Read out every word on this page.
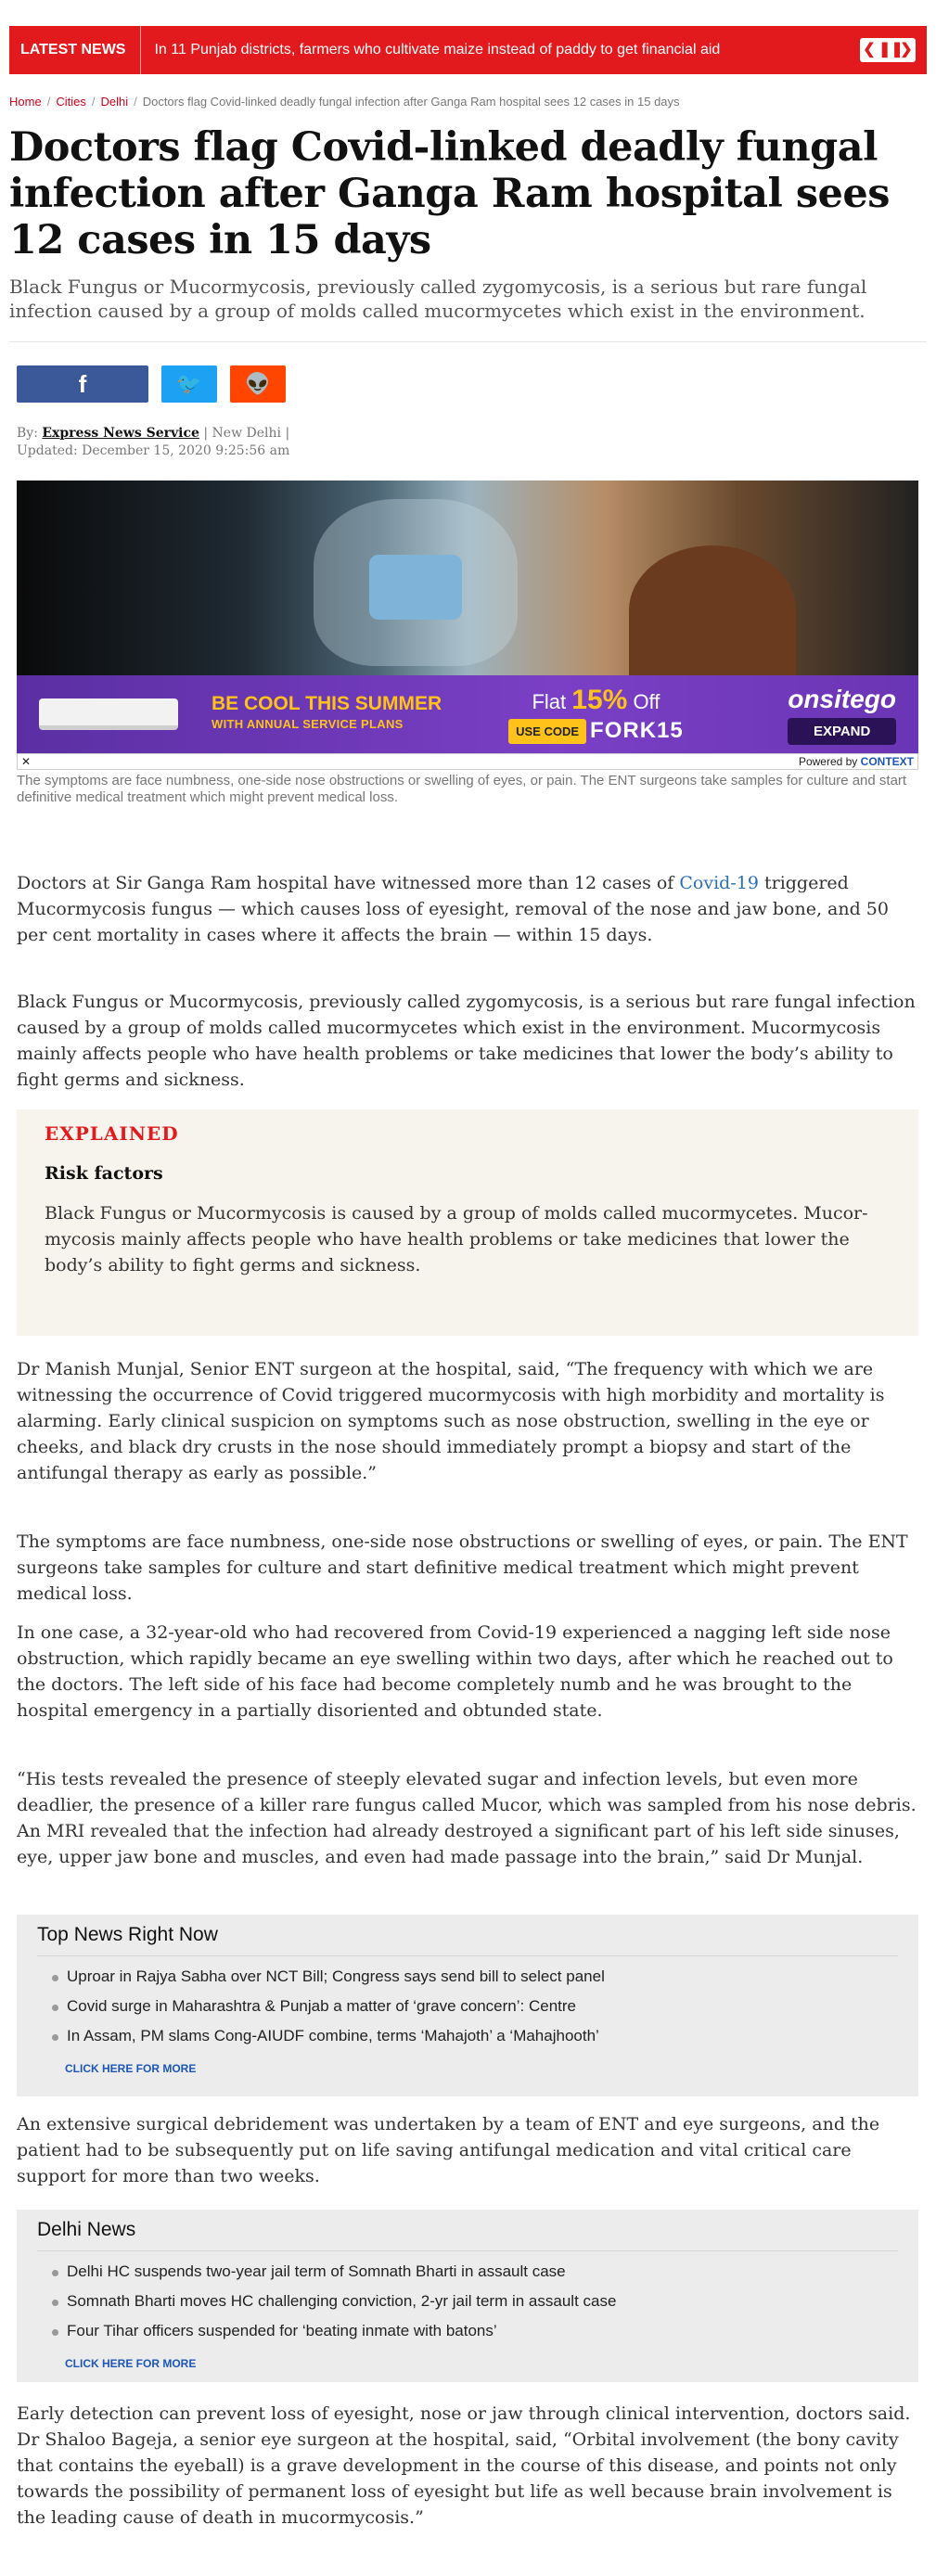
LATEST NEWS	In 11 Punjab districts, farmers who cultivate maize instead of paddy to get financial aid	❮ ❚❚
❯
Home / Cities / Delhi / Doctors flag Covid-linked deadly fungal infection after Ganga Ram hospital sees 12 cases in 15 days
Doctors flag Covid-linked deadly fungal infection after Ganga Ram hospital sees 12 cases in 15 days

Black Fungus or Mucormycosis, previously called zygomycosis, is a serious but rare fungal infection caused by a group of molds called mucormycetes which exist in the environment.

f	🐦 👽
By: Express News Service | New Delhi |
Updated: December 15, 2020 9:25:56 am
BE COOL THIS SUMMER
WITH ANNUAL SERVICE PLANS
Flat 15% Off
USE CODE FORK15
onsitego
EXPAND
✕	Powered by CONTEXT
The symptoms are face numbness, one-side nose obstructions or swelling of eyes, or pain. The ENT surgeons take samples for culture and start definitive medical treatment which might prevent medical loss.

Doctors at Sir Ganga Ram hospital have witnessed more than 12 cases of Covid-19 triggered Mucormycosis fungus — which causes loss of eyesight, removal of the nose and jaw bone, and 50 per cent mortality in cases where it affects the brain — within 15 days.

Black Fungus or Mucormycosis, previously called zygomycosis, is a serious but rare fungal infection caused by a group of molds called mucormycetes which exist in the environment. Mucormycosis mainly affects people who have health problems or take medicines that lower the body’s ability to fight germs and sickness.

EXPLAINED
Risk factors
Black Fungus or Mucormycosis is caused by a group of molds called mucormycetes. Mucor-mycosis mainly affects people who have health problems or take medicines that lower the body’s ability to fight germs and sickness.

Dr Manish Munjal, Senior ENT surgeon at the hospital, said, “The frequency with which we are witnessing the occurrence of Covid triggered mucormycosis with high morbidity and mortality is alarming. Early clinical suspicion on symptoms such as nose obstruction, swelling in the eye or cheeks, and black dry crusts in the nose should immediately prompt a biopsy and start of the antifungal therapy as early as possible.”

The symptoms are face numbness, one-side nose obstructions or swelling of eyes, or pain. The ENT surgeons take samples for culture and start definitive medical treatment which might prevent medical loss.

In one case, a 32-year-old who had recovered from Covid-19 experienced a nagging left side nose obstruction, which rapidly became an eye swelling within two days, after which he reached out to the doctors. The left side of his face had become completely numb and he was brought to the hospital emergency in a partially disoriented and obtunded state.

“His tests revealed the presence of steeply elevated sugar and infection levels, but even more deadlier, the presence of a killer rare fungus called Mucor, which was sampled from his nose debris. An MRI revealed that the infection had already destroyed a significant part of his left side sinuses, eye, upper jaw bone and muscles, and even had made passage into the brain,” said Dr Munjal.

Top News Right Now
Uproar in Rajya Sabha over NCT Bill; Congress says send bill to select panel
Covid surge in Maharashtra & Punjab a matter of ‘grave concern’: Centre
In Assam, PM slams Cong-AIUDF combine, terms ‘Mahajoth’ a ‘Mahajhooth’
CLICK HERE FOR MORE

An extensive surgical debridement was undertaken by a team of ENT and eye surgeons, and the patient had to be subsequently put on life saving antifungal medication and vital critical care support for more than two weeks.

Delhi News
Delhi HC suspends two-year jail term of Somnath Bharti in assault case
Somnath Bharti moves HC challenging conviction, 2-yr jail term in assault case
Four Tihar officers suspended for ‘beating inmate with batons’
CLICK HERE FOR MORE

Early detection can prevent loss of eyesight, nose or jaw through clinical intervention, doctors said. Dr Shaloo Bageja, a senior eye surgeon at the hospital, said, “Orbital involvement (the bony cavity that contains the eyeball) is a grave development in the course of this disease, and points not only towards the possibility of permanent loss of eyesight but life as well because brain involvement is the leading cause of death in mucormycosis.”
